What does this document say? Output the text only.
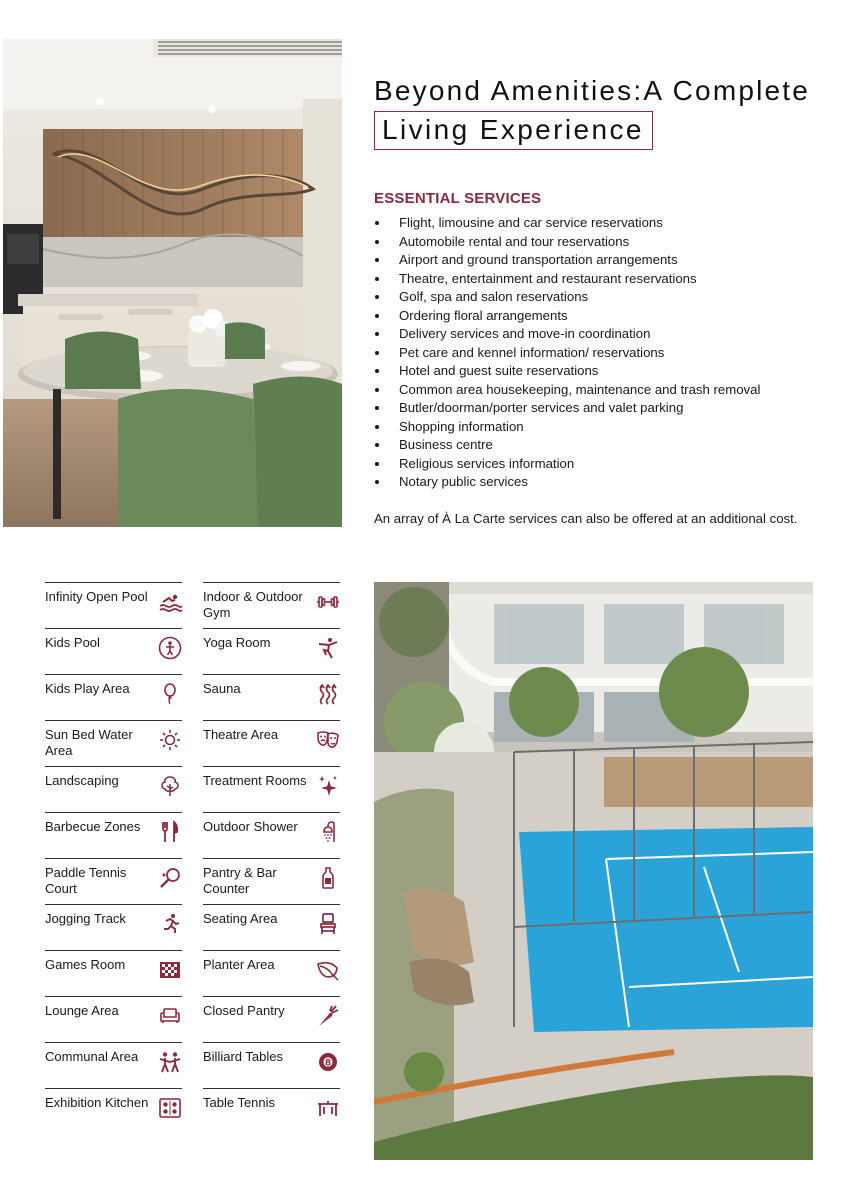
Beyond Amenities:A Complete
Living Experience
ESSENTIAL SERVICES
Flight, limousine and car service reservations
Automobile rental and tour reservations
Airport and ground transportation arrangements
Theatre, entertainment and restaurant reservations
Golf, spa and salon reservations
Ordering floral arrangements
Delivery services and move-in coordination
Pet care and kennel information/ reservations
Hotel and guest suite reservations
Common area housekeeping, maintenance and trash removal
Butler/doorman/porter services and valet parking
Shopping information
Business centre
Religious services information
Notary public services
An array of À La Carte services can also be offered at an additional cost.
Infinity Open Pool
Kids Pool
Kids Play Area
Sun Bed Water Area
Landscaping
Barbecue Zones
Paddle Tennis Court
Jogging Track
Games Room
Lounge Area
Communal Area
Exhibition Kitchen
Indoor & Outdoor Gym
Yoga Room
Sauna
Theatre Area
Treatment Rooms
Outdoor Shower
Pantry & Bar Counter
Seating Area
Planter Area
Closed Pantry
Billiard Tables	8
Table Tennis
